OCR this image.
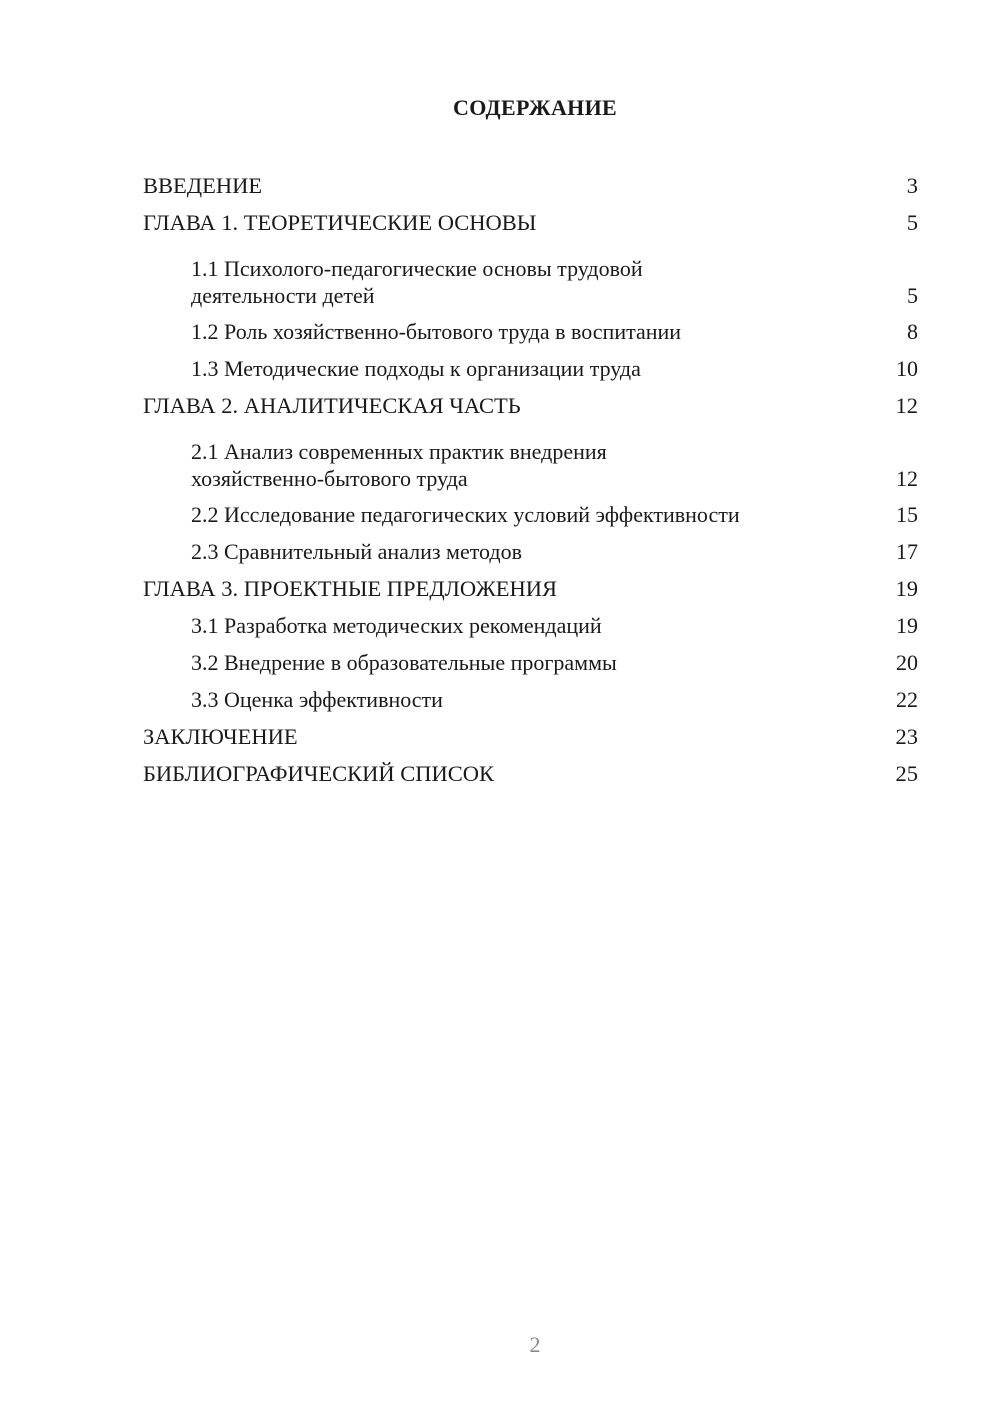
СОДЕРЖАНИЕ
ВВЕДЕНИЕ	3
ГЛАВА 1. ТЕОРЕТИЧЕСКИЕ ОСНОВЫ	5
1.1 Психолого-педагогические основы трудовой деятельности детей	5
1.2 Роль хозяйственно-бытового труда в воспитании	8
1.3 Методические подходы к организации труда	10
ГЛАВА 2. АНАЛИТИЧЕСКАЯ ЧАСТЬ	12
2.1 Анализ современных практик внедрения хозяйственно-бытового труда	12
2.2 Исследование педагогических условий эффективности	15
2.3 Сравнительный анализ методов	17
ГЛАВА 3. ПРОЕКТНЫЕ ПРЕДЛОЖЕНИЯ	19
3.1 Разработка методических рекомендаций	19
3.2 Внедрение в образовательные программы	20
3.3 Оценка эффективности	22
ЗАКЛЮЧЕНИЕ	23
БИБЛИОГРАФИЧЕСКИЙ СПИСОК	25
2
